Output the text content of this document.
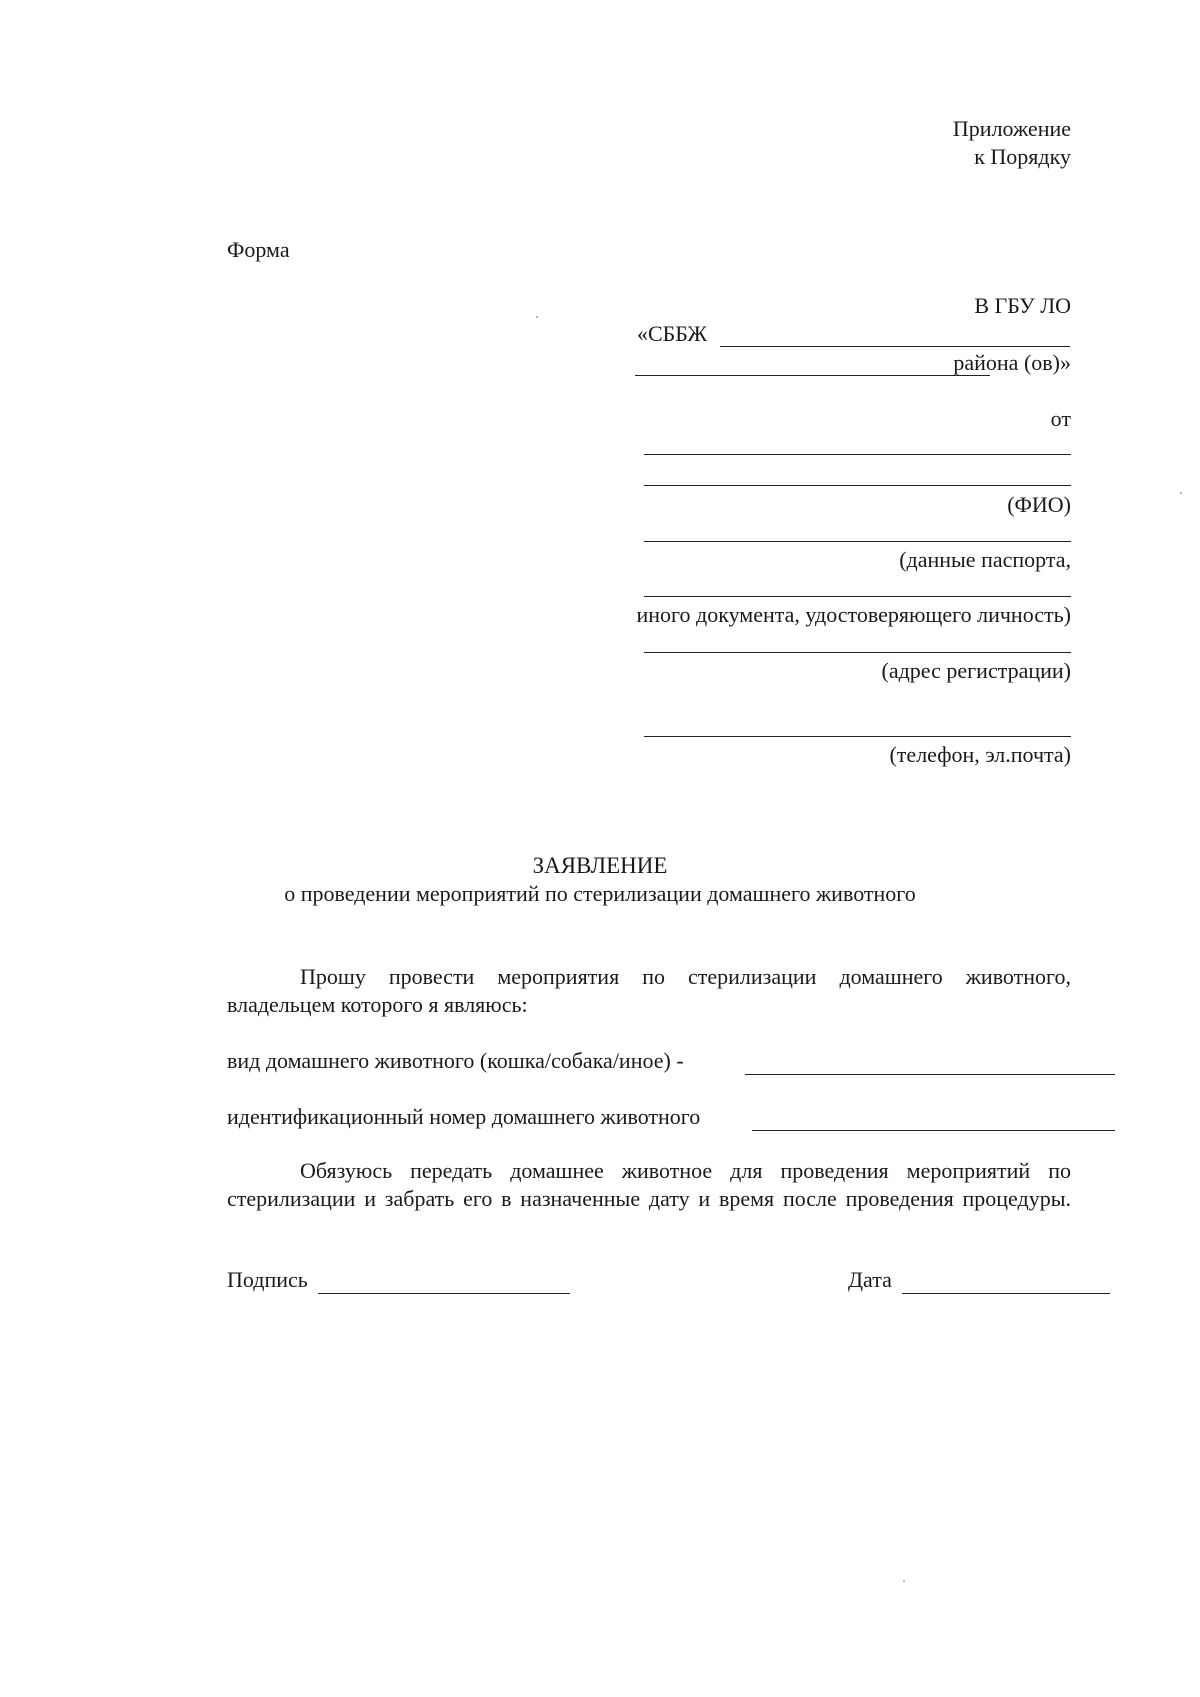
Приложение
к Порядку
Форма
В ГБУ ЛО
«СББЖ
района (ов)»
от
(ФИО)
(данные паспорта,
иного документа, удостоверяющего личность)
(адрес регистрации)
(телефон, эл.почта)
ЗАЯВЛЕНИЕ
о проведении мероприятий по стерилизации домашнего животного
Прошу провести мероприятия по стерилизации домашнего животного,
владельцем которого я являюсь:
вид домашнего животного (кошка/собака/иное) -
идентификационный номер домашнего животного
Обязуюсь передать домашнее животное для проведения мероприятий по
стерилизации и забрать его в назначенные дату и время после проведения процедуры.
Подпись	Дата
